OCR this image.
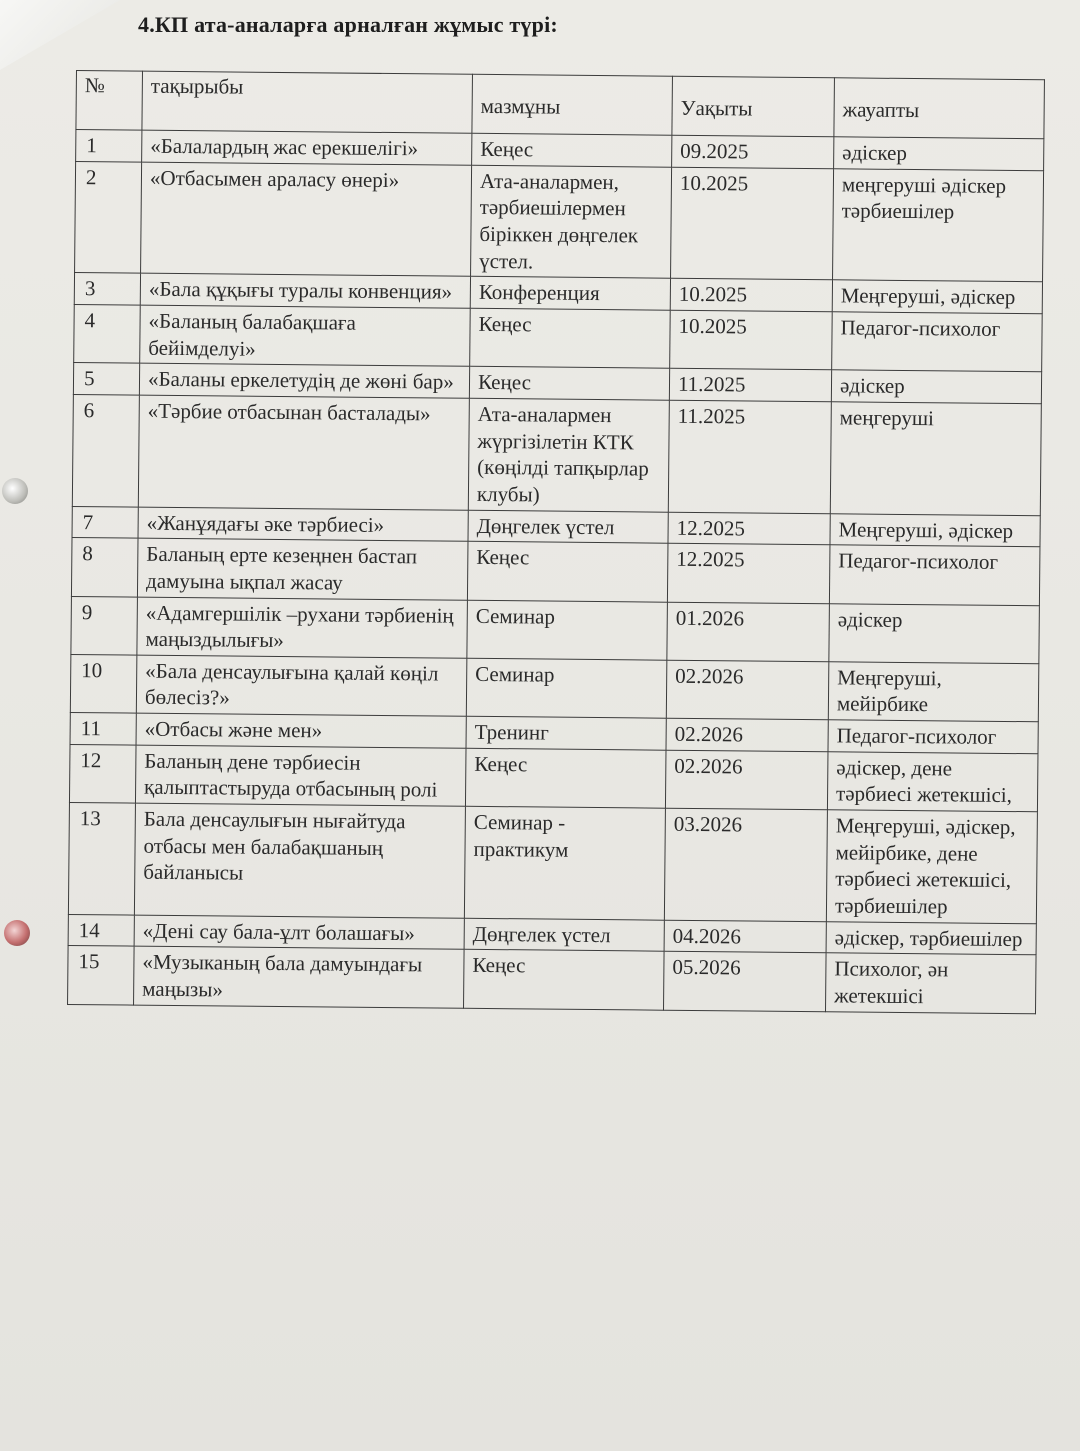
4.КП ата-аналарға арналған жұмыс түрі:
№	тақырыбы	мазмұны	Уақыты	жауапты
1	«Балалардың жас ерекшелігі»	Кеңес	09.2025	әдіскер
2	«Отбасымен араласу өнері»	Ата-аналармен, тәрбиешілермен біріккен дөңгелек үстел.	10.2025	меңгеруші әдіскер тәрбиешілер
3	«Бала құқығы туралы конвенция»	Конференция	10.2025	Меңгеруші, әдіскер
4	«Баланың балабақшаға бейімделуі»	Кеңес	10.2025	Педагог-психолог
5	«Баланы еркелетудің де жөні бар»	Кеңес	11.2025	әдіскер
6	«Тәрбие отбасынан басталады»	Ата-аналармен жүргізілетін КТК (көңілді тапқырлар клубы)	11.2025	меңгеруші
7	«Жанұядағы әке тәрбиесі»	Дөңгелек үстел	12.2025	Меңгеруші, әдіскер
8	Баланың ерте кезеңнен бастап дамуына ықпал жасау	Кеңес	12.2025	Педагог-психолог
9	«Адамгершілік –рухани тәрбиенің маңыздылығы»	Семинар	01.2026	әдіскер
10	«Бала денсаулығына қалай көңіл бөлесіз?»	Семинар	02.2026	Меңгеруші, мейірбике
11	«Отбасы және мен»	Тренинг	02.2026	Педагог-психолог
12	Баланың дене тәрбиесін қалыптастыруда отбасының ролі	Кеңес	02.2026	әдіскер, дене тәрбиесі жетекшісі,
13	Бала денсаулығын нығайтуда отбасы мен балабақшаның байланысы	Семинар - практикум	03.2026	Меңгеруші, әдіскер, мейірбике, дене тәрбиесі жетекшісі, тәрбиешілер
14	«Дені сау бала-ұлт болашағы»	Дөңгелек үстел	04.2026	әдіскер, тәрбиешілер
15	«Музыканың бала дамуындағы маңызы»	Кеңес	05.2026	Психолог, ән жетекшісі
